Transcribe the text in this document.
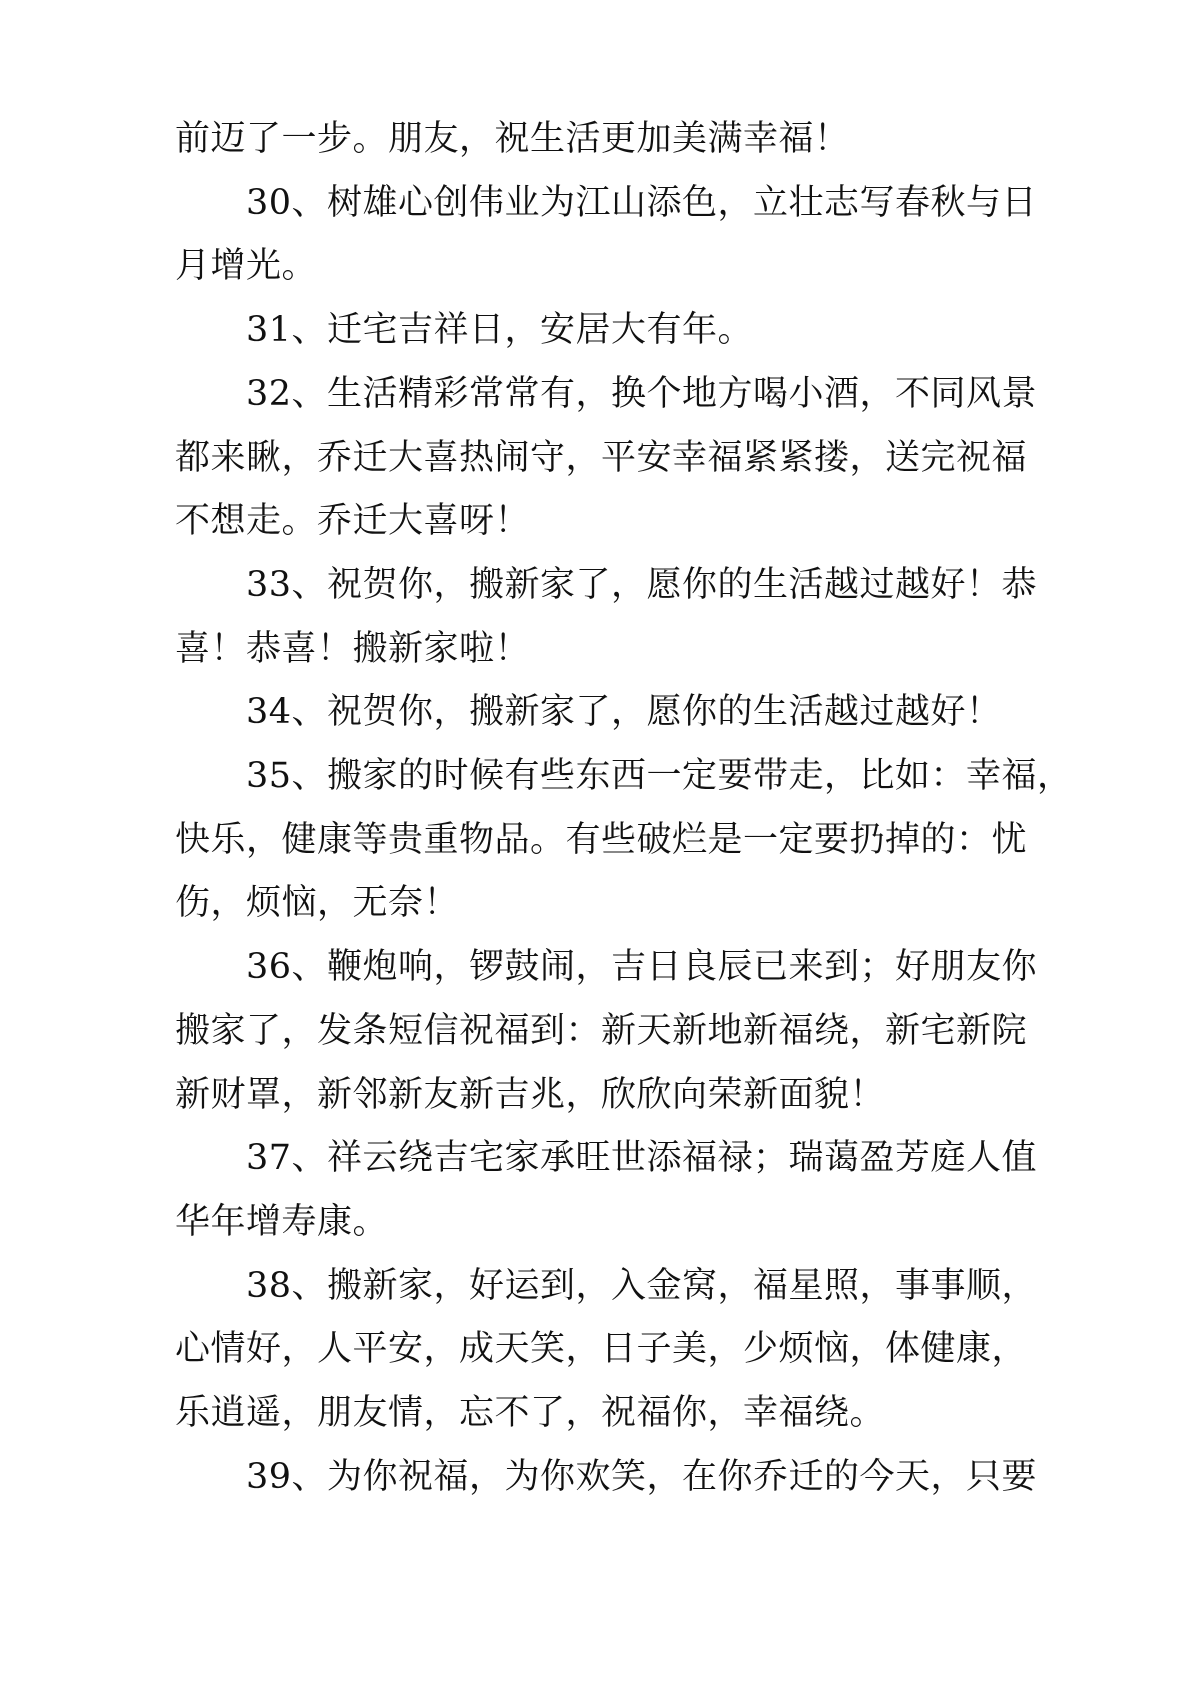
前迈了一步。朋友，祝生活更加美满幸福！

30、树雄心创伟业为江山添色，立壮志写春秋与日
月增光。

31、迁宅吉祥日，安居大有年。

32、生活精彩常常有，换个地方喝小酒，不同风景
都来瞅，乔迁大喜热闹守，平安幸福紧紧搂，送完祝福
不想走。乔迁大喜呀！

33、祝贺你，搬新家了，愿你的生活越过越好！恭
喜！恭喜！搬新家啦！

34、祝贺你，搬新家了，愿你的生活越过越好！

35、搬家的时候有些东西一定要带走，比如：幸福，
快乐，健康等贵重物品。有些破烂是一定要扔掉的：忧
伤，烦恼，无奈！

36、鞭炮响，锣鼓闹，吉日良辰已来到；好朋友你
搬家了，发条短信祝福到：新天新地新福绕，新宅新院
新财罩，新邻新友新吉兆，欣欣向荣新面貌！

37、祥云绕吉宅家承旺世添福禄；瑞蔼盈芳庭人值
华年增寿康。

38、搬新家，好运到，入金窝，福星照，事事顺，
心情好，人平安，成天笑，日子美，少烦恼，体健康，
乐逍遥，朋友情，忘不了，祝福你，幸福绕。

39、为你祝福，为你欢笑，在你乔迁的今天，只要
